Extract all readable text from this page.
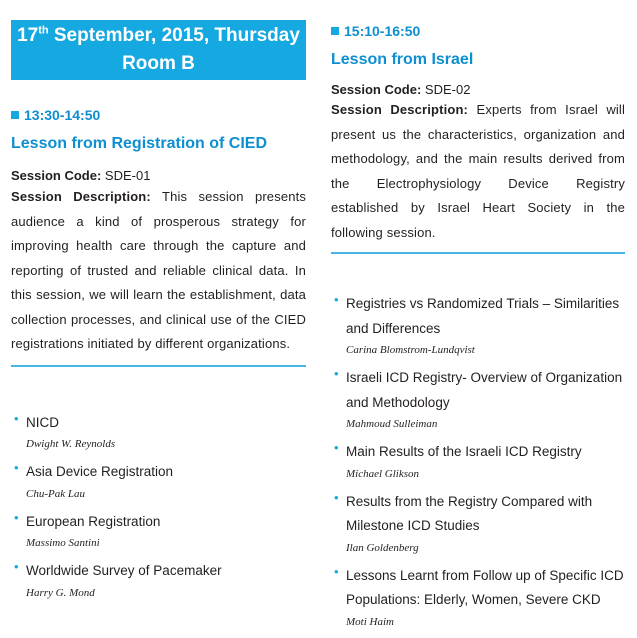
17th September, 2015, Thursday
Room B
13:30-14:50
Lesson from Registration of CIED
Session Code: SDE-01
Session Description: This session presents audience a kind of prosperous strategy for improving health care through the capture and reporting of trusted and reliable clinical data. In this session, we will learn the establishment, data collection processes, and clinical use of the CIED registrations initiated by different organizations.
• NICD
Dwight W. Reynolds
• Asia Device Registration
Chu-Pak Lau
• European Registration
Massimo Santini
• Worldwide Survey of Pacemaker
Harry G. Mond
15:10-16:50
Lesson from Israel
Session Code: SDE-02
Session Description: Experts from Israel will present us the characteristics, organization and methodology, and the main results derived from the Electrophysiology Device Registry established by Israel Heart Society in the following session.
• Registries vs Randomized Trials – Similarities and Differences
Carina Blomstrom-Lundqvist
• Israeli ICD Registry- Overview of Organization and Methodology
Mahmoud Sulleiman
• Main Results of the Israeli ICD Registry
Michael Glikson
• Results from the Registry Compared with Milestone ICD Studies
Ilan Goldenberg
• Lessons Learnt from Follow up of Specific ICD Populations: Elderly, Women, Severe CKD
Moti Haim
